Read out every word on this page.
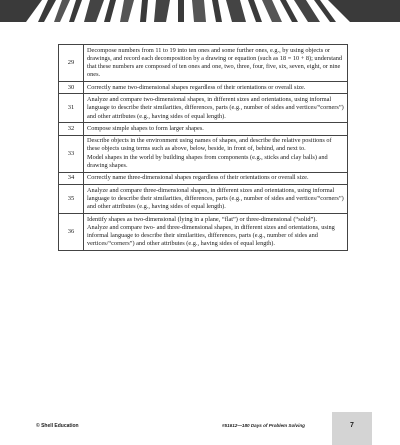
29	Decompose numbers from 11 to 19 into ten ones and some further ones, e.g., by using objects or drawings, and record each decomposition by a drawing or equation (such as 18 = 10 + 8); understand that these numbers are composed of ten ones and one, two, three, four, five, six, seven, eight, or nine ones.

30	Correctly name two-dimensional shapes regardless of their orientations or overall size.

31	Analyze and compare two-dimensional shapes, in different sizes and orientations, using informal language to describe their similarities, differences, parts (e.g., number of sides and vertices/“corners”) and other attributes (e.g., having sides of equal length).

32	Compose simple shapes to form larger shapes.

33	Describe objects in the environment using names of shapes, and describe the relative positions of these objects using terms such as above, below, beside, in front of, behind, and next to.

Model shapes in the world by building shapes from components (e.g., sticks and clay balls) and drawing shapes.

34	Correctly name three-dimensional shapes regardless of their orientations or overall size.

35	Analyze and compare three-dimensional shapes, in different sizes and orientations, using informal language to describe their similarities, differences, parts (e.g., number of sides and vertices/“corners”) and other attributes (e.g., having sides of equal length).

36	Identify shapes as two-dimensional (lying in a plane, “flat”) or three-dimensional (“solid”).

Analyze and compare two- and three-dimensional shapes, in different sizes and orientations, using informal language to describe their similarities, differences, parts (e.g., number of sides and vertices/“corners”) and other attributes (e.g., having sides of equal length).

© Shell Education	#51612—180 Days of Problem Solving	7
